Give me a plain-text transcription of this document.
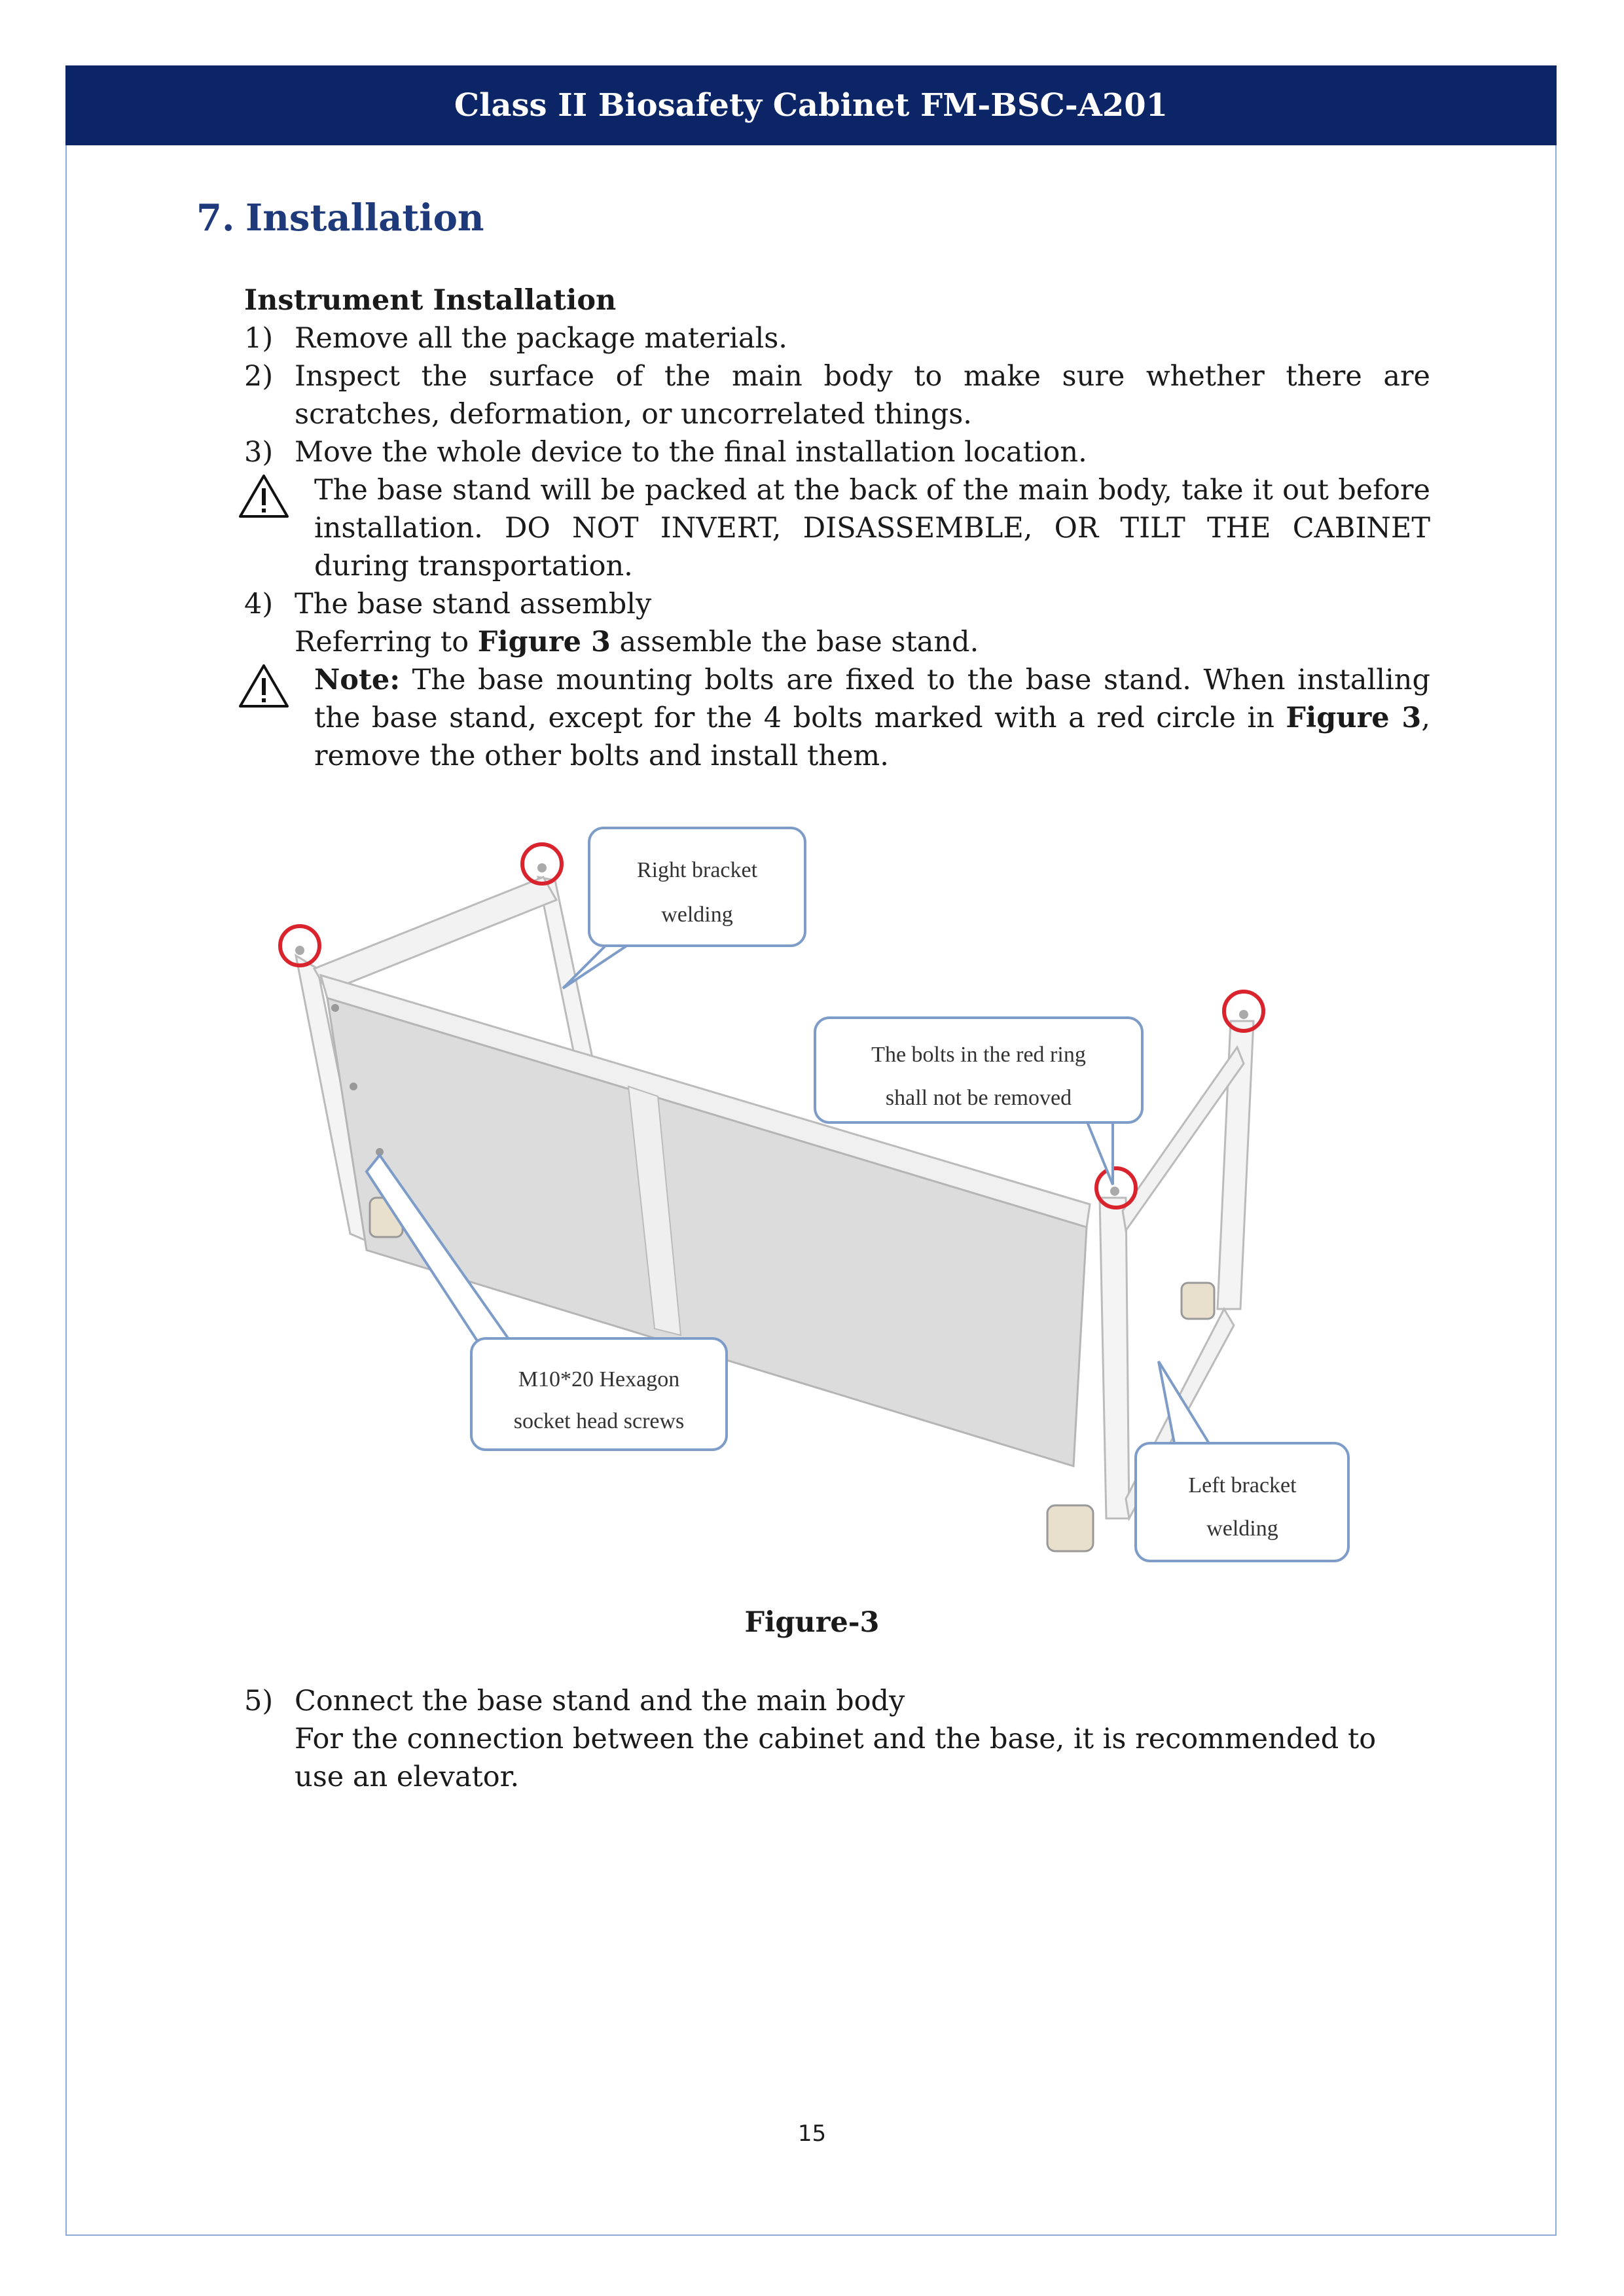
Class II Biosafety Cabinet FM-BSC-A201
7. Installation
Instrument Installation
1) Remove all the package materials.
2) Inspect the surface of the main body to make sure whether there are scratches, deformation, or uncorrelated things.
3) Move the whole device to the final installation location.
The base stand will be packed at the back of the main body, take it out before installation. DO NOT INVERT, DISASSEMBLE, OR TILT THE CABINET during transportation.
4) The base stand assembly
Referring to Figure 3 assemble the base stand.
Note: The base mounting bolts are fixed to the base stand. When installing the base stand, except for the 4 bolts marked with a red circle in Figure 3, remove the other bolts and install them.
Right bracket
welding
The bolts in the red ring
shall not be removed
M10*20 Hexagon
socket head screws
Left bracket
welding
Figure-3
5) Connect the base stand and the main body
For the connection between the cabinet and the base, it is recommended to use an elevator.
15
